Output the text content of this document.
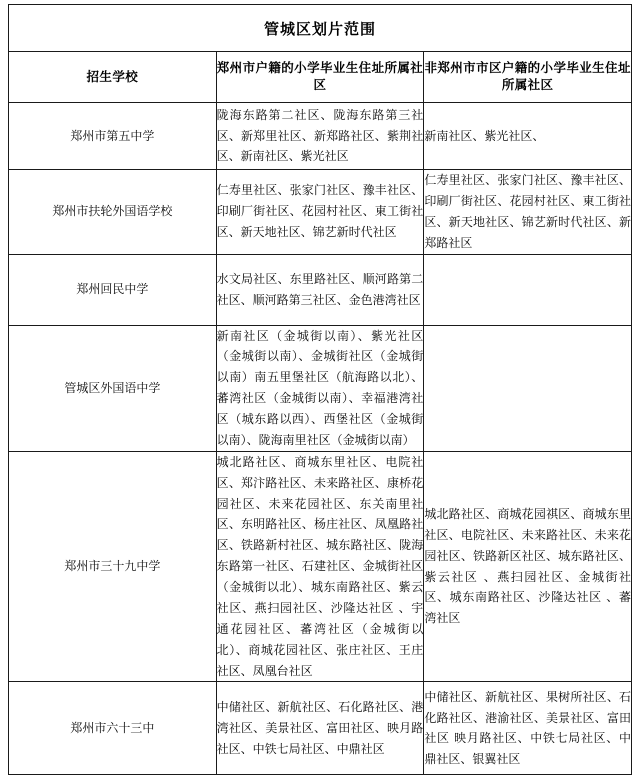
管城区划片范围		
招生学校	郑州市户籍的小学毕业生住址所属社区	非郑州市市区户籍的小学毕业生住址所属社区
郑州市第五中学	陇海东路第二社区、陇海东路第三社区、新郑里社区、新郑路社区、紫荆社区、新南社区、紫光社区	新南社区、紫光社区、
郑州市扶轮外国语学校	仁寿里社区、张家门社区、豫丰社区、印刷厂街社区、花园村社区、東工街社区、新天地社区、锦艺新时代社区	仁寿里社区、张家门社区、豫丰社区、印刷厂街社区、花园村社区、東工街社区、新天地社区、锦艺新时代社区、新郑路社区
郑州回民中学	水文局社区、东里路社区、顺河路第二社区、顺河路第三社区、金色港湾社区	
管城区外国语中学	新南社区（金城街以南）、紫光社区（金城街以南）、金城街社区（金城街以南）南五里堡社区（航海路以北）、蕃湾社区（金城街以南）、幸福港湾社区（城东路以西）、西堡社区（金城街以南）、陇海南里社区（金城街以南）	
郑州市三十九中学	城北路社区、商城东里社区、电院社区、郑汴路社区、未来路社区、康桥花园社区、未来花园社区、东关南里社区、东明路社区、杨庄社区、凤凰路社区、铁路新村社区、城东路社区、陇海东路第一社区、石建社区、金城街社区（金城街以北）、城东南路社区、紫云社区、燕扫园社区、沙隆达社区 、宇通花园社区、蕃湾社区（金城街以北）、商城花园社区、张庄社区、王庄社区、凤凰台社区	城北路社区、商城花园祺区、商城东里社区、电院社区、未来路社区、未来花园社区、铁路新区社区、城东路社区、紫云社区 、燕扫园社区、金城街社区、城东南路社区、沙隆达社区 、蕃湾社区
郑州市六十三中	中储社区、新航社区、石化路社区、港湾社区、美景社区、富田社区、映月路社区、中铁七局社区、中鼎社区	中储社区、新航社区、果树所社区、石化路社区、港渝社区、美景社区、富田社区 映月路社区、中铁七局社区、中鼎社区、银翼社区
